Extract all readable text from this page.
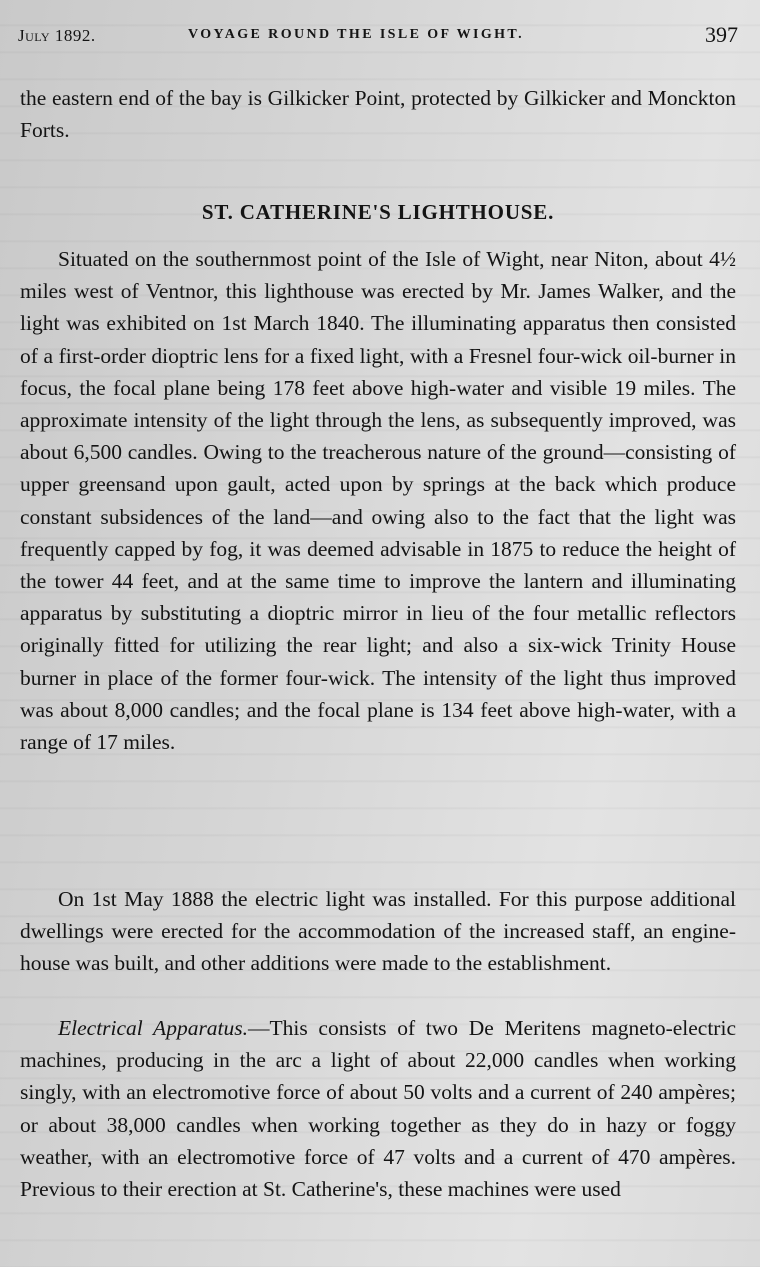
July 1892.	VOYAGE ROUND THE ISLE OF WIGHT.	397

the eastern end of the bay is Gilkicker Point, protected by Gilkicker and Monckton Forts.

ST. CATHERINE'S LIGHTHOUSE.

Situated on the southernmost point of the Isle of Wight, near Niton, about 4½ miles west of Ventnor, this lighthouse was erected by Mr. James Walker, and the light was exhibited on 1st March 1840. The illuminating apparatus then consisted of a first-order dioptric lens for a fixed light, with a Fresnel four-wick oil-burner in focus, the focal plane being 178 feet above high-water and visible 19 miles. The approximate intensity of the light through the lens, as subsequently improved, was about 6,500 candles. Owing to the treacherous nature of the ground—consisting of upper greensand upon gault, acted upon by springs at the back which produce constant subsidences of the land—and owing also to the fact that the light was frequently capped by fog, it was deemed advisable in 1875 to reduce the height of the tower 44 feet, and at the same time to improve the lantern and illuminating apparatus by substituting a dioptric mirror in lieu of the four metallic reflectors originally fitted for utilizing the rear light; and also a six-wick Trinity House burner in place of the former four-wick. The intensity of the light thus improved was about 8,000 candles; and the focal plane is 134 feet above high-water, with a range of 17 miles.

On 1st May 1888 the electric light was installed. For this purpose additional dwellings were erected for the accommodation of the increased staff, an engine-house was built, and other additions were made to the establishment.

Electrical Apparatus.—This consists of two De Meritens magneto-electric machines, producing in the arc a light of about 22,000 candles when working singly, with an electromotive force of about 50 volts and a current of 240 ampères; or about 38,000 candles when working together as they do in hazy or foggy weather, with an electromotive force of 47 volts and a current of 470 ampères. Previous to their erection at St. Catherine's, these machines were used
